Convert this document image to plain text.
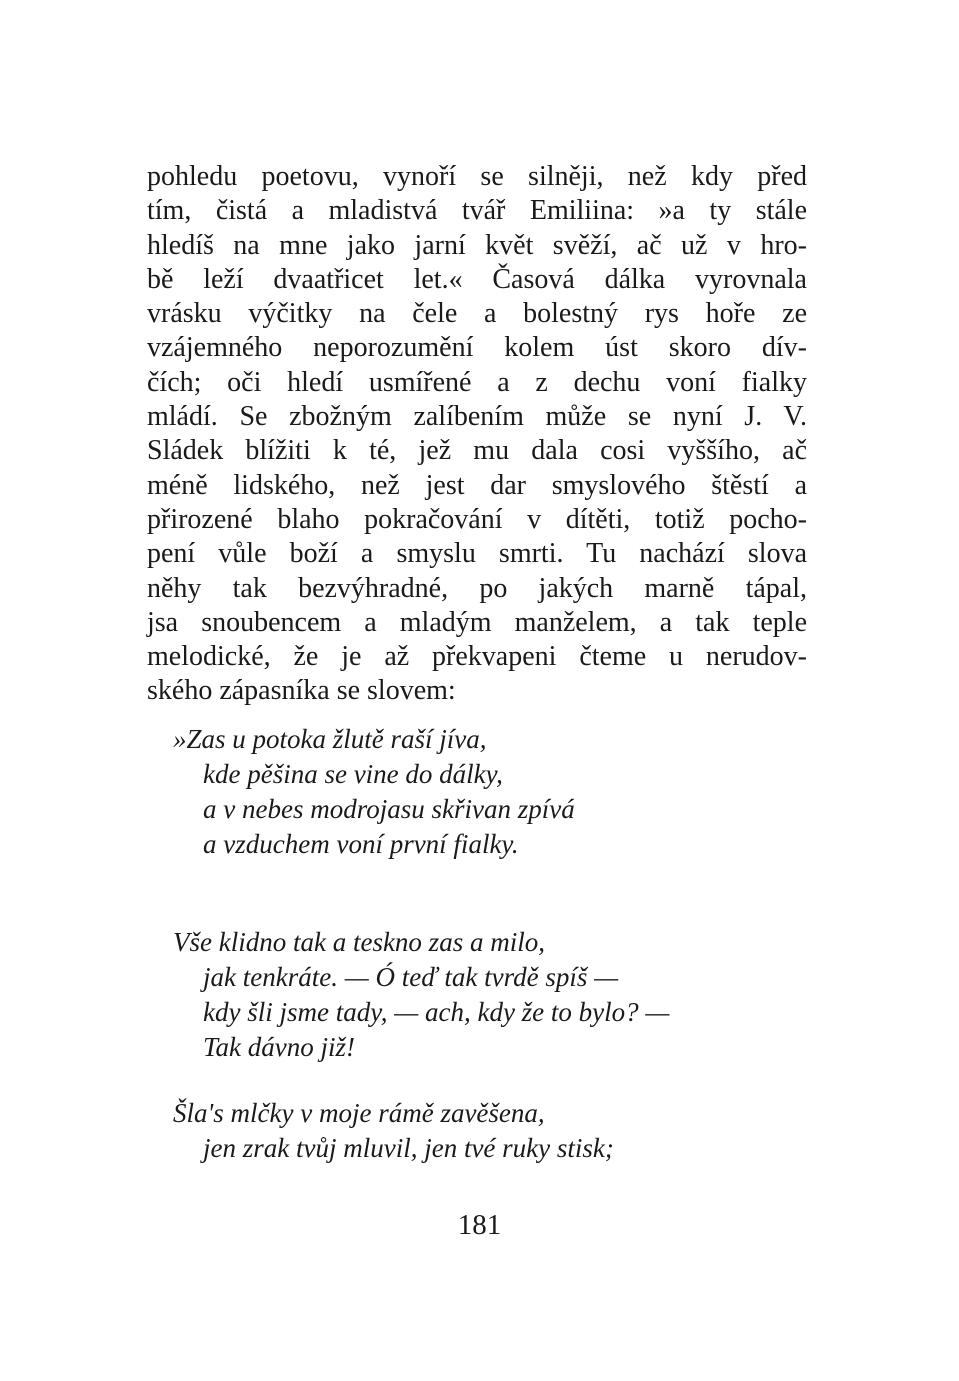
pohledu poetovu, vynoří se silněji, než kdy před
tím, čistá a mladistvá tvář Emiliina: »a ty stále
hledíš na mne jako jarní květ svěží, ač už v hro-
bě leží dvaatřicet let.« Časová dálka vyrovnala
vrásku výčitky na čele a bolestný rys hoře ze
vzájemného neporozumění kolem úst skoro dív-
čích; oči hledí usmířené a z dechu voní fialky
mládí. Se zbožným zalíbením může se nyní J. V.
Sládek blížiti k té, jež mu dala cosi vyššího, ač
méně lidského, než jest dar smyslového štěstí a
přirozené blaho pokračování v dítěti, totiž pocho-
pení vůle boží a smyslu smrti. Tu nachází slova
něhy tak bezvýhradné, po jakých marně tápal,
jsa snoubencem a mladým manželem, a tak teple
melodické, že je až překvapeni čteme u nerudov-
ského zápasníka se slovem:
»Zas u potoka žlutě raší jíva,
kde pěšina se vine do dálky,
a v nebes modrojasu skřivan zpívá
a vzduchem voní první fialky.
Vše klidno tak a teskno zas a milo,
jak tenkráte. — Ó teď tak tvrdě spíš —
kdy šli jsme tady, — ach, kdy že to bylo? —
Tak dávno již!
Šla's mlčky v moje rámě zavěšena,
jen zrak tvůj mluvil, jen tvé ruky stisk;
181
